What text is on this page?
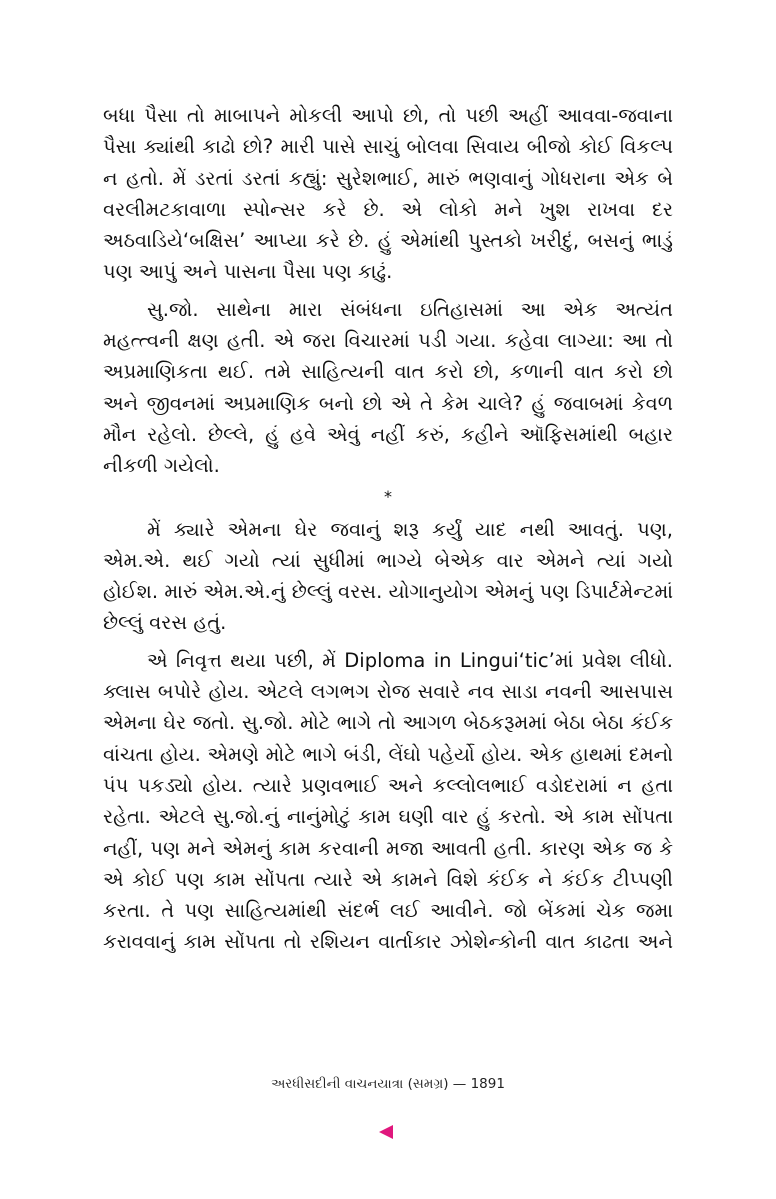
બધા પૈસા તો માબાપને મોકલી આપો છો, તો પછી અહીં આવવા-જવાના પૈસા ક્યાંથી કાઢો છો? મારી પાસે સાચું બોલવા સિવાય બીજો કોઈ વિકલ્પ ન હતો. મેં ડરતાં ડરતાં કહ્યું: સુરેશભાઈ, મારું ભણવાનું ગોધરાના એક બે વરલીમટકાવાળા સ્પોન્સર કરે છે. એ લોકો મને ખુશ રાખવા દર અઠવાડિયે‘બક્ષિસ’ આપ્યા કરે છે. હું એમાંથી પુસ્તકો ખરીદું, બસનું ભાડું પણ આપું અને પાસના પૈસા પણ કાઢું.

સુ.જો. સાથેના મારા સંબંધના ઇતિહાસમાં આ એક અત્યંત મહત્ત્વની ક્ષણ હતી. એ જરા વિચારમાં પડી ગયા. કહેવા લાગ્યા: આ તો અપ્રમાણિકતા થઈ. તમે સાહિત્યની વાત કરો છો, કળાની વાત કરો છો અને જીવનમાં અપ્રમાણિક બનો છો એ તે કેમ ચાલે? હું જવાબમાં કેવળ મૌન રહેલો. છેલ્લે, હું હવે એવું નહીં કરું, કહીને ઑફિસમાંથી બહાર નીકળી ગયેલો.

*

મેં ક્યારે એમના ઘેર જવાનું શરૂ કર્યું યાદ નથી આવતું. પણ, એમ.એ. થઈ ગયો ત્યાં સુધીમાં ભાગ્યે બેએક વાર એમને ત્યાં ગયો હોઈશ. મારું એમ.એ.નું છેલ્લું વરસ. યોગાનુયોગ એમનું પણ ડિપાર્ટમેન્ટમાં છેલ્લું વરસ હતું.

એ નિવૃત્ત થયા પછી, મેં Diploma in Lingui‘tic’માં પ્રવેશ લીધો. ક્લાસ બપોરે હોય. એટલે લગભગ રોજ સવારે નવ સાડા નવની આસપાસ એમના ઘેર જતો. સુ.જો. મોટે ભાગે તો આગળ બેઠકરૂમમાં બેઠા બેઠા કંઈક વાંચતા હોય. એમણે મોટે ભાગે બંડી, લેંઘો પહેર્યો હોય. એક હાથમાં દમનો પંપ પકડ્યો હોય. ત્યારે પ્રણવભાઈ અને કલ્લોલભાઈ વડોદરામાં ન હતા રહેતા. એટલે સુ.જો.નું નાનુંમોટું કામ ઘણી વાર હું કરતો. એ કામ સોંપતા નહીં, પણ મને એમનું કામ કરવાની મજા આવતી હતી. કારણ એક જ કે એ કોઈ પણ કામ સોંપતા ત્યારે એ કામને વિશે કંઈક ને કંઈક ટીપ્પણી કરતા. તે પણ સાહિત્યમાંથી સંદર્ભ લઈ આવીને. જો બેંકમાં ચેક જમા કરાવવાનું કામ સોંપતા તો રશિયન વાર્તાકાર ઝોશેન્કોની વાત કાઢતા અને

અરધીસદીની વાચનયાત્રા (સમગ્ર) — 1891
